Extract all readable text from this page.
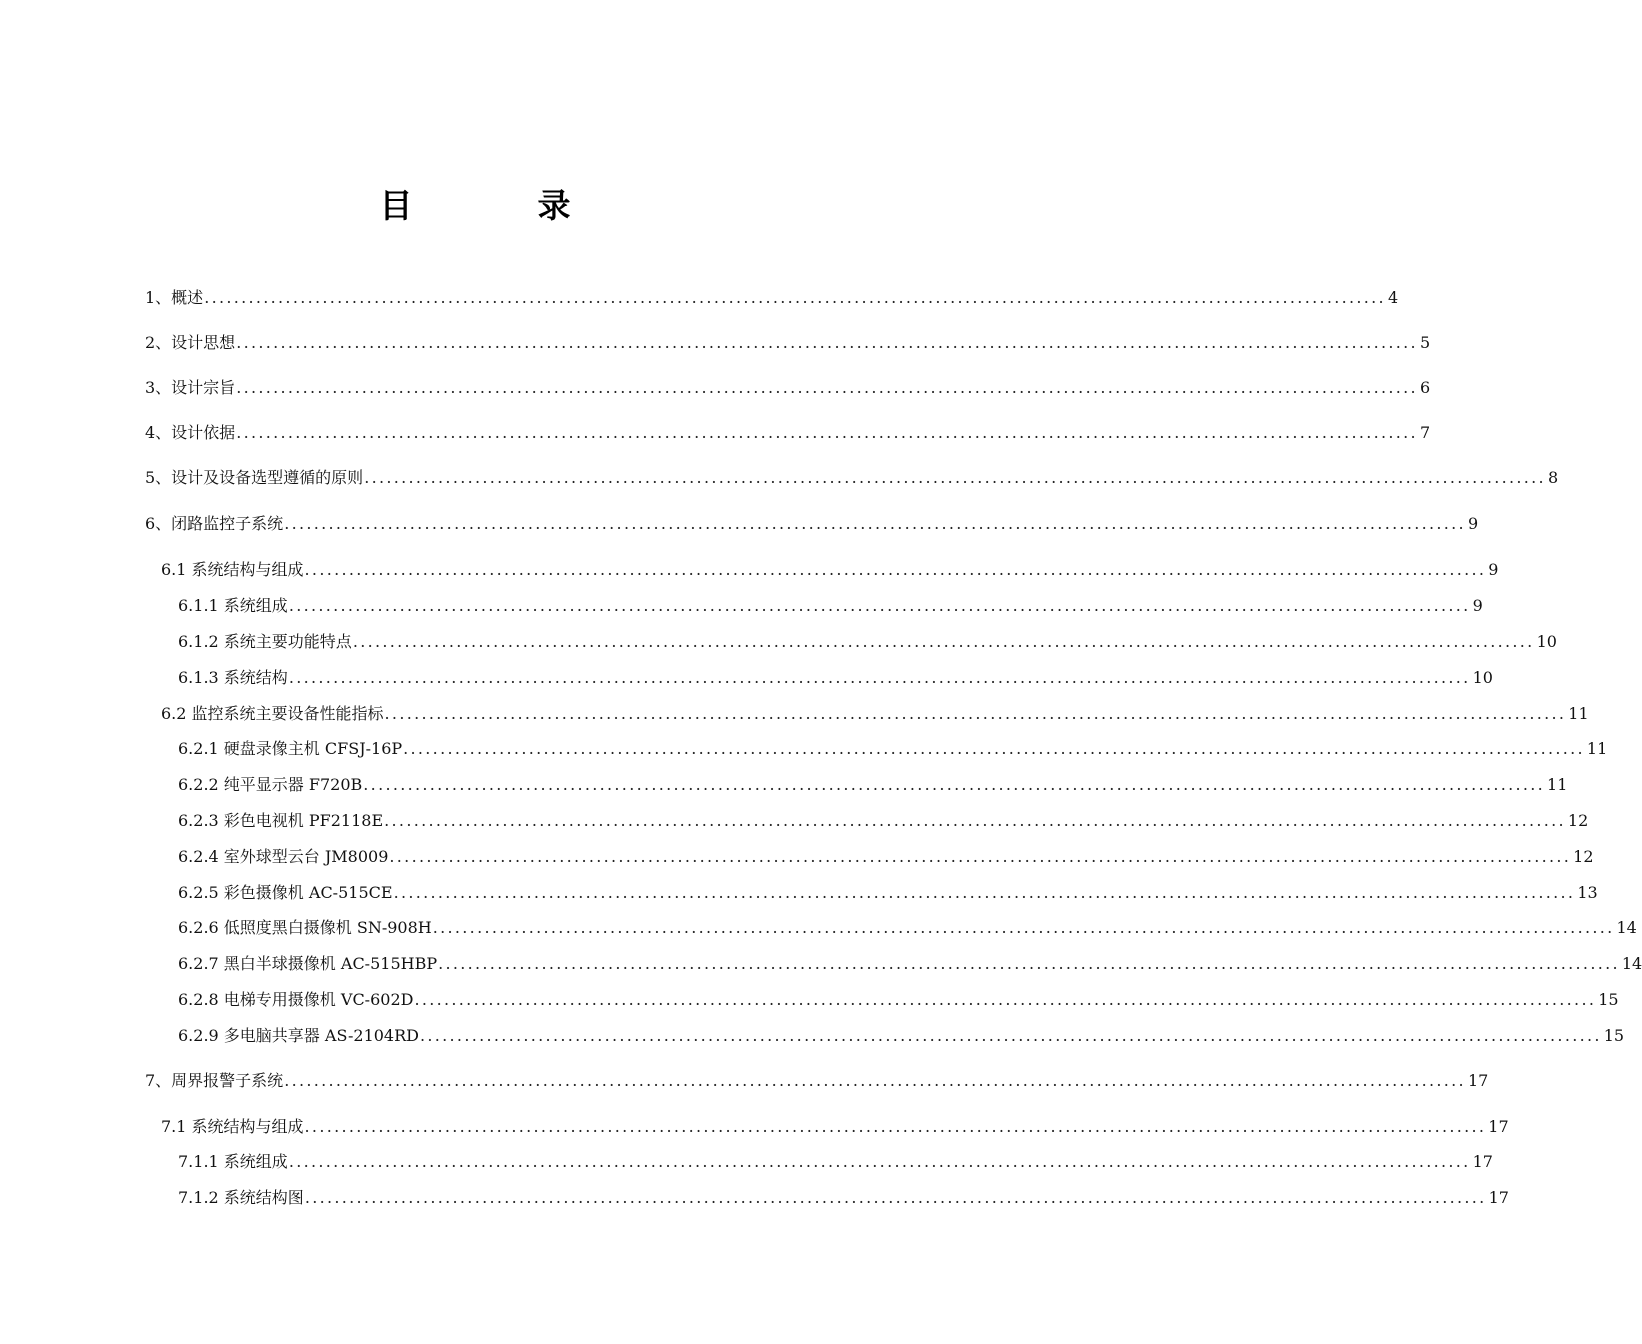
目　录
1、概述 ................................................................................................................................................................ 4
2、设计思想 ................................................................................................................................................................ 5
3、设计宗旨 ................................................................................................................................................................ 6
4、设计依据 ................................................................................................................................................................ 7
5、设计及设备选型遵循的原则 ................................................................................................................................................................ 8
6、闭路监控子系统 ................................................................................................................................................................ 9
6.1 系统结构与组成 ................................................................................................................................................................ 9
6.1.1 系统组成 ................................................................................................................................................................ 9
6.1.2 系统主要功能特点 ................................................................................................................................................................ 10
6.1.3 系统结构 ................................................................................................................................................................ 10
6.2 监控系统主要设备性能指标 ................................................................................................................................................................ 11
6.2.1 硬盘录像主机 CFSJ-16P ................................................................................................................................................................ 11
6.2.2 纯平显示器 F720B ................................................................................................................................................................ 11
6.2.3 彩色电视机 PF2118E ................................................................................................................................................................ 12
6.2.4 室外球型云台 JM8009 ................................................................................................................................................................ 12
6.2.5 彩色摄像机 AC-515CE ................................................................................................................................................................ 13
6.2.6 低照度黑白摄像机 SN-908H ................................................................................................................................................................ 14
6.2.7 黑白半球摄像机 AC-515HBP ................................................................................................................................................................ 14
6.2.8 电梯专用摄像机 VC-602D ................................................................................................................................................................ 15
6.2.9 多电脑共享器 AS-2104RD ................................................................................................................................................................ 15
7、周界报警子系统 ................................................................................................................................................................ 17
7.1 系统结构与组成 ................................................................................................................................................................ 17
7.1.1 系统组成 ................................................................................................................................................................ 17
7.1.2 系统结构图 ................................................................................................................................................................ 17
